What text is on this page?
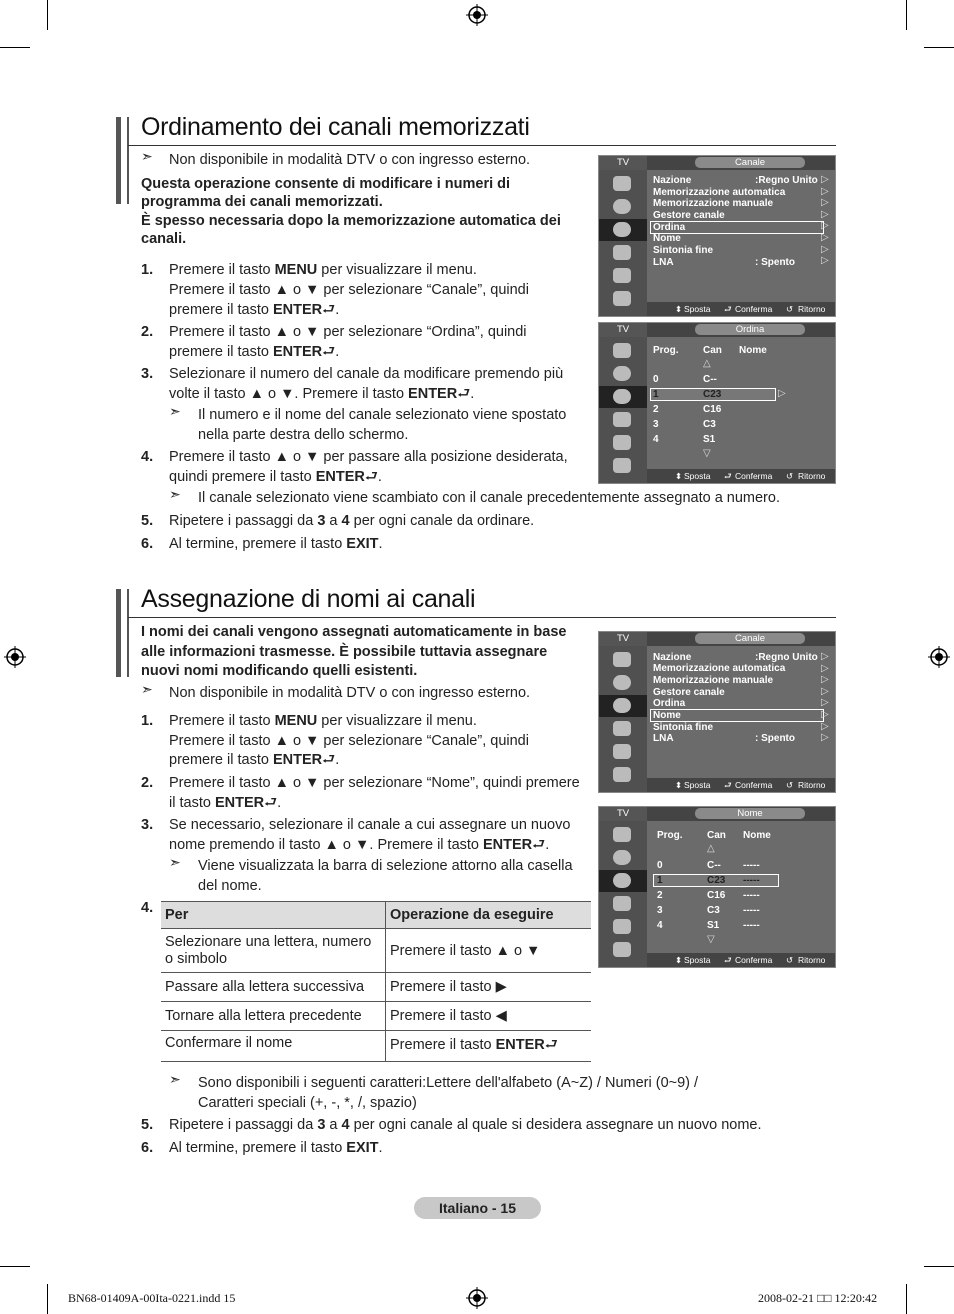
Ordinamento dei canali memorizzati
➣ Non disponibile in modalità DTV o con ingresso esterno.
Questa operazione consente di modificare i numeri di
programma dei canali memorizzati.
È spesso necessaria dopo la memorizzazione automatica dei
canali.
1. Premere il tasto MENU per visualizzare il menu.
Premere il tasto ▲ o ▼ per selezionare “Canale”, quindi
premere il tasto ENTER⮐.
2. Premere il tasto ▲ o ▼ per selezionare “Ordina”, quindi
premere il tasto ENTER⮐.
3. Selezionare il numero del canale da modificare premendo più
volte il tasto ▲ o ▼. Premere il tasto ENTER⮐.
➣ Il numero e il nome del canale selezionato viene spostato
nella parte destra dello schermo.
4. Premere il tasto ▲ o ▼ per passare alla posizione desiderata,
quindi premere il tasto ENTER⮐.
➣ Il canale selezionato viene scambiato con il canale precedentemente assegnato a numero.
5. Ripetere i passaggi da 3 a 4 per ogni canale da ordinare.
6. Al termine, premere il tasto EXIT.
Canale
TV
Nazione	:Regno Unito
Memorizzazione automatica
Memorizzazione manuale
Gestore canale
Ordina
Nome
Sintonia fine
LNA	: Spento
▷
▷
▷
▷
▷
▷
▷
▷
⬍ Sposta ⮐ Conferma ↺ Ritorno
Ordina
TV
Prog. Can Nome
△
0	C--
1	C23	▷
2	C16
3	C3
4	S1
▽
⬍ Sposta ⮐ Conferma ↺ Ritorno
Assegnazione di nomi ai canali
I nomi dei canali vengono assegnati automaticamente in base
alle informazioni trasmesse. È possibile tuttavia assegnare
nuovi nomi modificando quelli esistenti.
➣ Non disponibile in modalità DTV o con ingresso esterno.
1. Premere il tasto MENU per visualizzare il menu.
Premere il tasto ▲ o ▼ per selezionare “Canale”, quindi
premere il tasto ENTER⮐.
2. Premere il tasto ▲ o ▼ per selezionare “Nome”, quindi premere
il tasto ENTER⮐.
3. Se necessario, selezionare il canale a cui assegnare un nuovo
nome premendo il tasto ▲ o ▼. Premere il tasto ENTER⮐.
➣ Viene visualizzata la barra di selezione attorno alla casella
del nome.
4. Per	Operazione da eseguire
Selezionare una lettera, numero o simbolo	Premere il tasto ▲ o ▼
Passare alla lettera successiva	Premere il tasto ▶
Tornare alla lettera precedente	Premere il tasto ◀
Confermare il nome	Premere il tasto ENTER⮐
➣ Sono disponibili i seguenti caratteri:Lettere dell'alfabeto (A~Z) / Numeri (0~9) /
Caratteri speciali (+, -, *, /, spazio)
5. Ripetere i passaggi da 3 a 4 per ogni canale al quale si desidera assegnare un nuovo nome.
6. Al termine, premere il tasto EXIT.
Canale
TV
Nazione	:Regno Unito
Memorizzazione automatica
Memorizzazione manuale
Gestore canale
Ordina
Nome
Sintonia fine
LNA	: Spento
▷
▷
▷
▷
▷
▷
▷
▷
⬍ Sposta ⮐ Conferma ↺ Ritorno
Nome
TV
Prog. Can Nome
△
0	C-- -----
1	C23 -----
2	C16 -----
3	C3 -----
4	S1 -----
▽
⬍ Sposta ⮐ Conferma ↺ Ritorno
Italiano - 15
BN68-01409A-00Ita-0221.indd 15	2008-02-21 □□ 12:20:42
